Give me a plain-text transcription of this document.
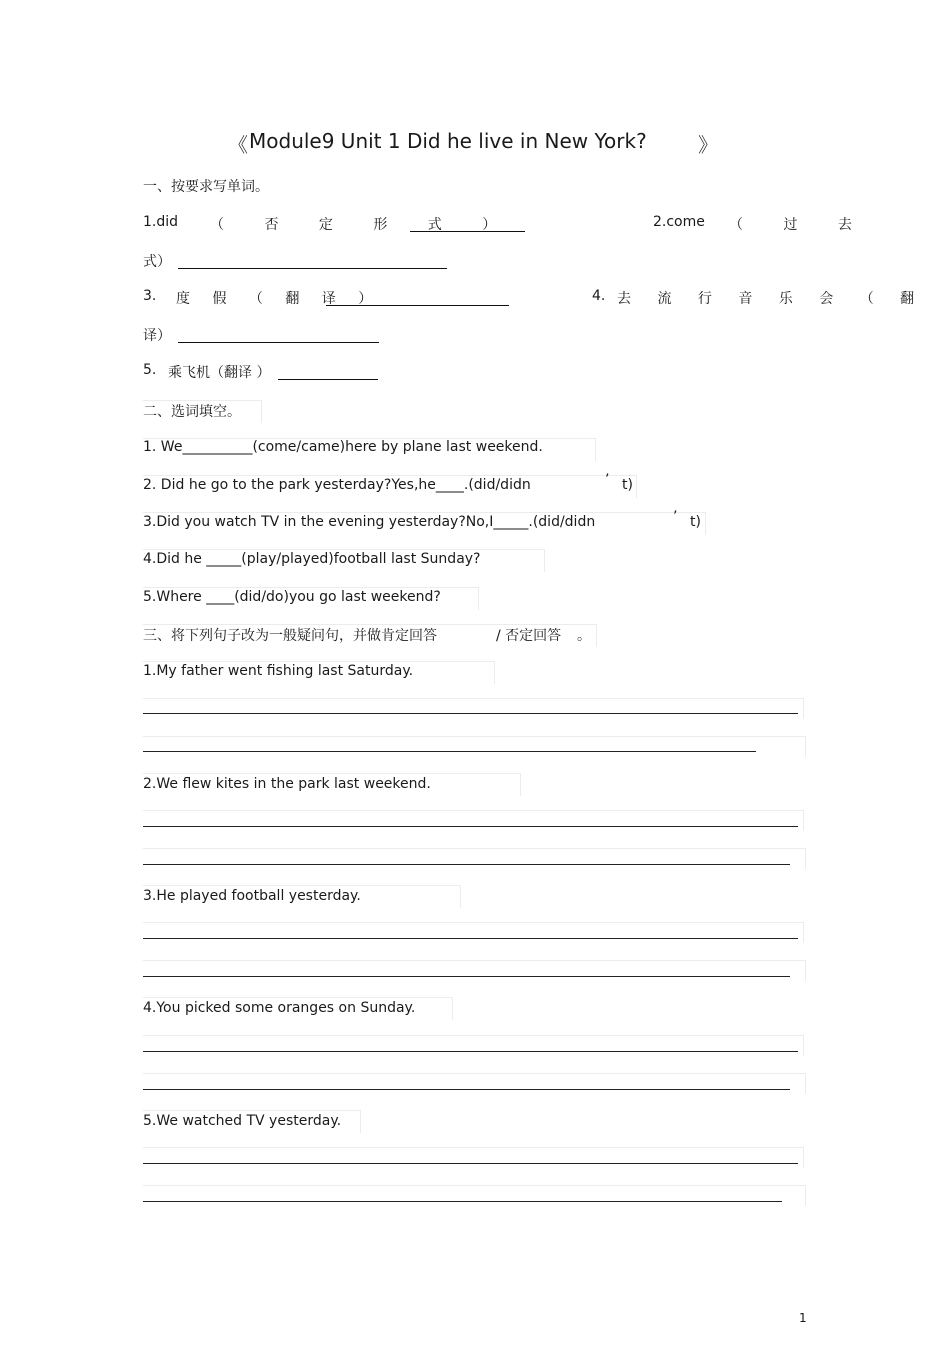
《 Module9 Unit 1 Did he live in New York?	》
一、按要求写单词。
1.did （ 否 定 形 式 ）	2.come （ 过 去
式）
3. 度 假 （ 翻 译 ）	4. 去 流 行 音 乐 会 （ 翻
译）
5. 乘飞机（翻译 ）
二、选词填空。
1. We__________(come/came)here by plane last weekend.
2. Did he go to the park yesterday?Yes,he____.(did/didn	’ t)
3.Did you watch TV in the evening yesterday?No,I_____.(did/didn	’ t)
4.Did he _____(play/played)football last Sunday?
5.Where ____(did/do)you go last weekend?
三、将下列句子改为一般疑问句，并做肯定回答	/ 否定回答 。
1.My father went fishing last Saturday.
2.We flew kites in the park last weekend.
3.He played football yesterday.
4.You picked some oranges on Sunday.
5.We watched TV yesterday.
1
